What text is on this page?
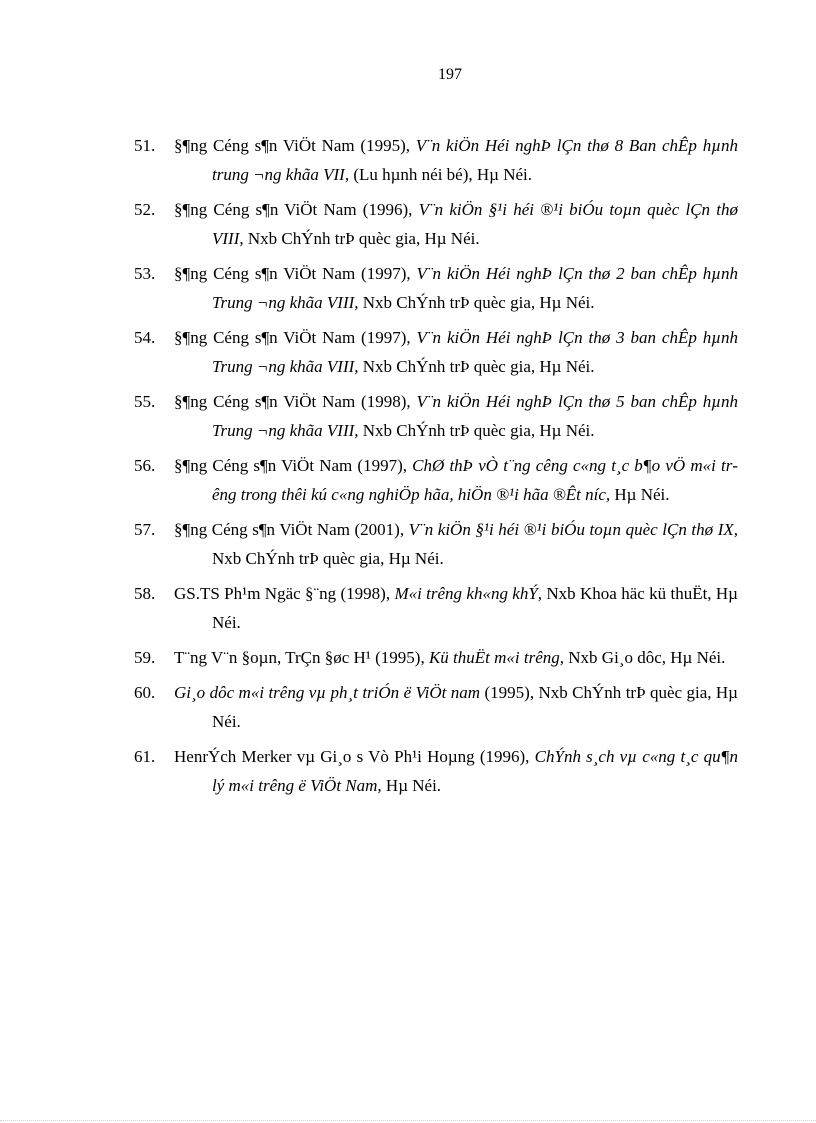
197
51.	§¶ng Céng s¶n ViÖt Nam (1995), V¨n kiÖn Héi nghÞ lÇn thø 8 Ban chÊp hµnh trung ¬ng khãa VII, (Lu hµnh néi bé), Hµ Néi.
52.	§¶ng Céng s¶n ViÖt Nam (1996), V¨n kiÖn §¹i héi ®¹i biÓu toµn quèc lÇn thø VIII, Nxb ChÝnh trÞ quèc gia, Hµ Néi.
53.	§¶ng Céng s¶n ViÖt Nam (1997), V¨n kiÖn Héi nghÞ lÇn thø 2 ban chÊp hµnh Trung ¬ng khãa VIII, Nxb ChÝnh trÞ quèc gia, Hµ Néi.
54.	§¶ng Céng s¶n ViÖt Nam (1997), V¨n kiÖn Héi nghÞ lÇn thø 3 ban chÊp hµnh Trung ¬ng khãa VIII, Nxb ChÝnh trÞ quèc gia, Hµ Néi.
55.	§¶ng Céng s¶n ViÖt Nam (1998), V¨n kiÖn Héi nghÞ lÇn thø 5 ban chÊp hµnh Trung ¬ng khãa VIII, Nxb ChÝnh trÞ quèc gia, Hµ Néi.
56.	§¶ng Céng s¶n ViÖt Nam (1997), ChØ thÞ vÒ t¨ng cêng c«ng t¸c b¶o vÖ m«i trêng trong thêi kú c«ng nghiÖp hãa, hiÖn ®¹i hãa ®Êt níc, Hµ Néi.
57.	§¶ng Céng s¶n ViÖt Nam (2001), V¨n kiÖn §¹i héi ®¹i biÓu toµn quèc lÇn thø IX, Nxb ChÝnh trÞ quèc gia, Hµ Néi.
58.	GS.TS Ph¹m Ngäc §¨ng (1998), M«i trêng kh«ng khÝ, Nxb Khoa häc kü thuËt, Hµ Néi.
59.	T¨ng V¨n §oµn, TrÇn §øc H¹ (1995), Kü thuËt m«i trêng, Nxb Gi¸o dôc, Hµ Néi.
60.	Gi¸o dôc m«i trêng vµ ph¸t triÓn ë ViÖt nam (1995), Nxb ChÝnh trÞ quèc gia, Hµ Néi.
61.	HenrÝch Merker vµ Gi¸o s Vò Ph¹i Hoµng (1996), ChÝnh s¸ch vµ c«ng t¸c qu¶n lý m«i trêng ë ViÖt Nam, Hµ Néi.
